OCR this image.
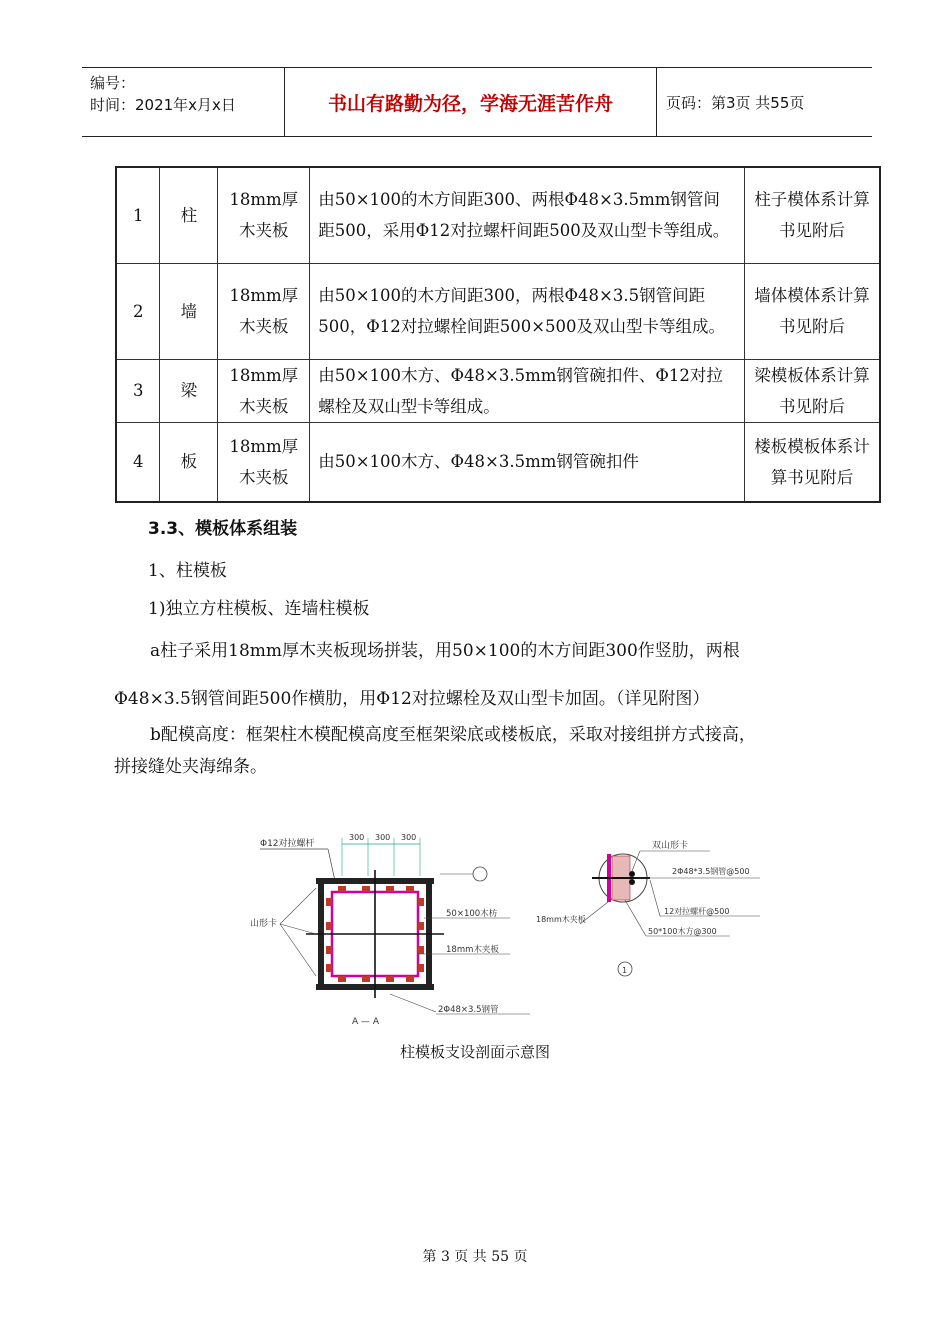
编号：
时间：2021年x月x日	书山有路勤为径，学海无涯苦作舟	页码：第3页 共55页
1	柱	18mm厚木夹板	由50×100的木方间距300、两根Φ48×3.5mm钢管间距500，采用Φ12对拉螺杆间距500及双山型卡等组成。	柱子模体系计算书见附后
2	墙	18mm厚木夹板	由50×100的木方间距300，两根Φ48×3.5钢管间距500，Φ12对拉螺栓间距500×500及双山型卡等组成。	墙体模体系计算书见附后
3	梁	18mm厚木夹板	由50×100木方、Φ48×3.5mm钢管碗扣件、Φ12对拉螺栓及双山型卡等组成。	梁模板体系计算书见附后
4	板	18mm厚木夹板	由50×100木方、Φ48×3.5mm钢管碗扣件	楼板模板体系计算书见附后
3.3、模板体系组装
1、柱模板
1)独立方柱模板、连墙柱模板
a柱子采用18mm厚木夹板现场拼装，用50×100的木方间距300作竖肋，两根
Φ48×3.5钢管间距500作横肋，用Φ12对拉螺栓及双山型卡加固。（详见附图）
b配模高度：框架柱木模配模高度至框架梁底或楼板底，采取对接组拼方式接高，
拼接缝处夹海绵条。
Φ12对拉螺杆
300 300 300
山形卡
50×100木枋
18mm木夹板
2Φ48×3.5钢管
A — A
双山形卡
2Φ48*3.5钢管@500
12对拉螺杆@500
50*100木方@300
18mm木夹板
1
柱模板支设剖面示意图
第 3 页 共 55 页
